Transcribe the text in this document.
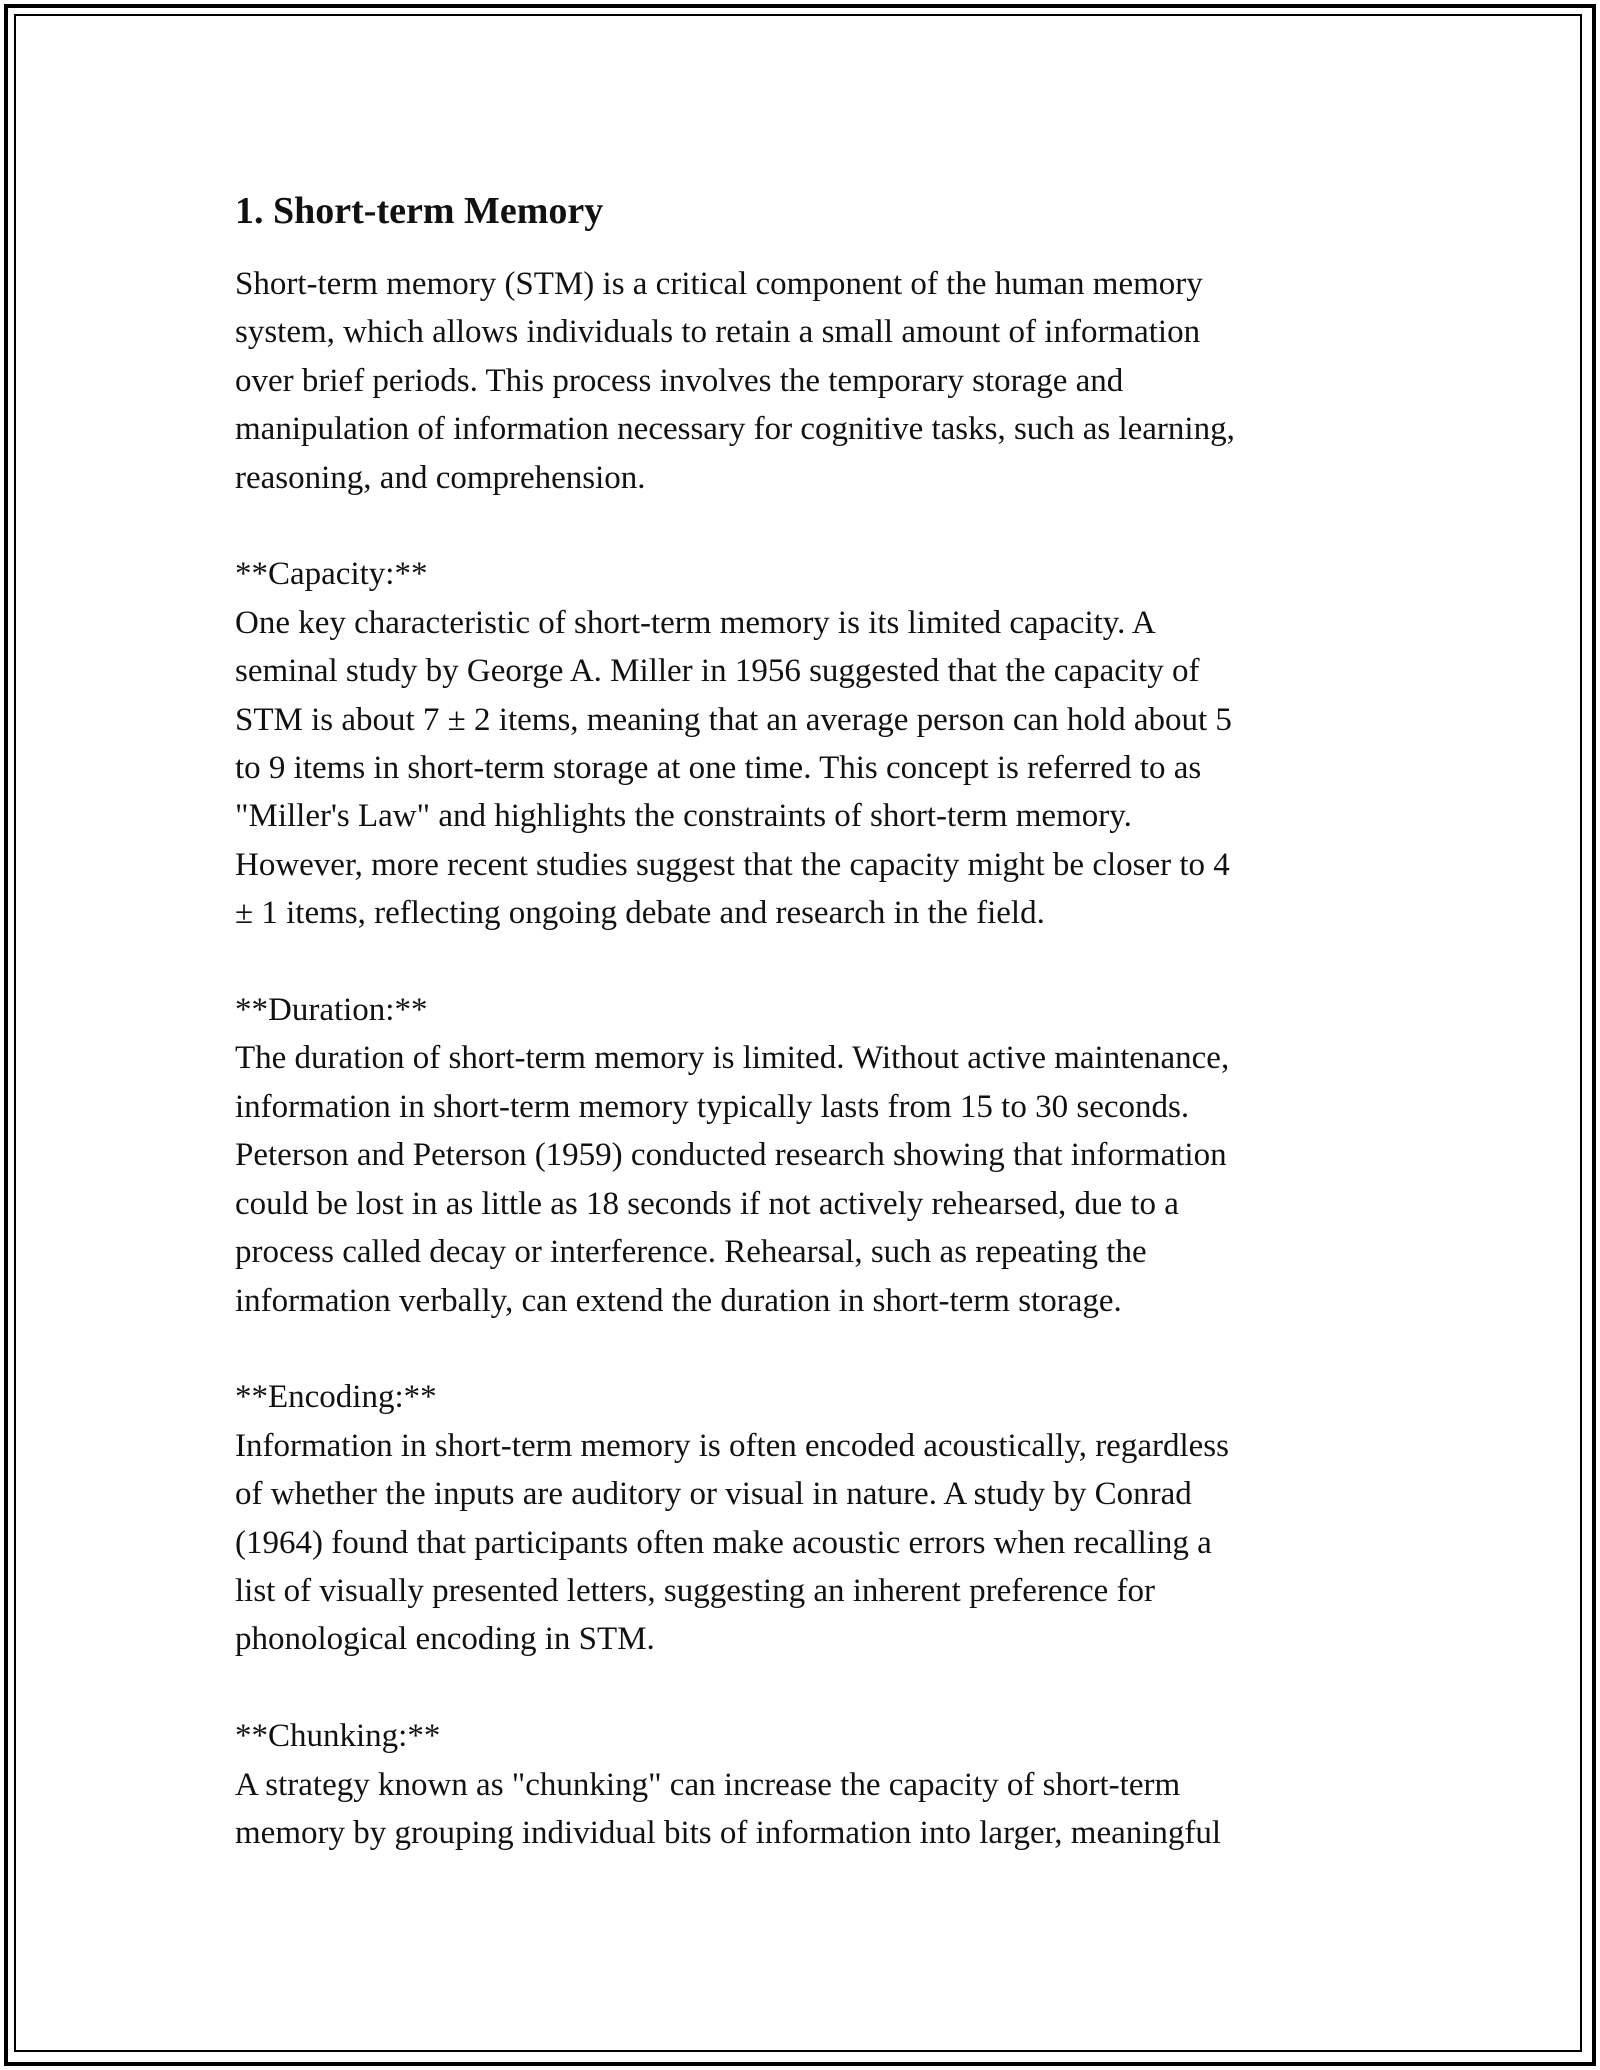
1. Short-term Memory

Short-term memory (STM) is a critical component of the human memory
system, which allows individuals to retain a small amount of information
over brief periods. This process involves the temporary storage and
manipulation of information necessary for cognitive tasks, such as learning,
reasoning, and comprehension.

**Capacity:**

One key characteristic of short-term memory is its limited capacity. A
seminal study by George A. Miller in 1956 suggested that the capacity of
STM is about 7 ± 2 items, meaning that an average person can hold about 5
to 9 items in short-term storage at one time. This concept is referred to as
"Miller's Law" and highlights the constraints of short-term memory.
However, more recent studies suggest that the capacity might be closer to 4
± 1 items, reflecting ongoing debate and research in the field.

**Duration:**

The duration of short-term memory is limited. Without active maintenance,
information in short-term memory typically lasts from 15 to 30 seconds.
Peterson and Peterson (1959) conducted research showing that information
could be lost in as little as 18 seconds if not actively rehearsed, due to a
process called decay or interference. Rehearsal, such as repeating the
information verbally, can extend the duration in short-term storage.

**Encoding:**

Information in short-term memory is often encoded acoustically, regardless
of whether the inputs are auditory or visual in nature. A study by Conrad
(1964) found that participants often make acoustic errors when recalling a
list of visually presented letters, suggesting an inherent preference for
phonological encoding in STM.

**Chunking:**

A strategy known as "chunking" can increase the capacity of short-term
memory by grouping individual bits of information into larger, meaningful
